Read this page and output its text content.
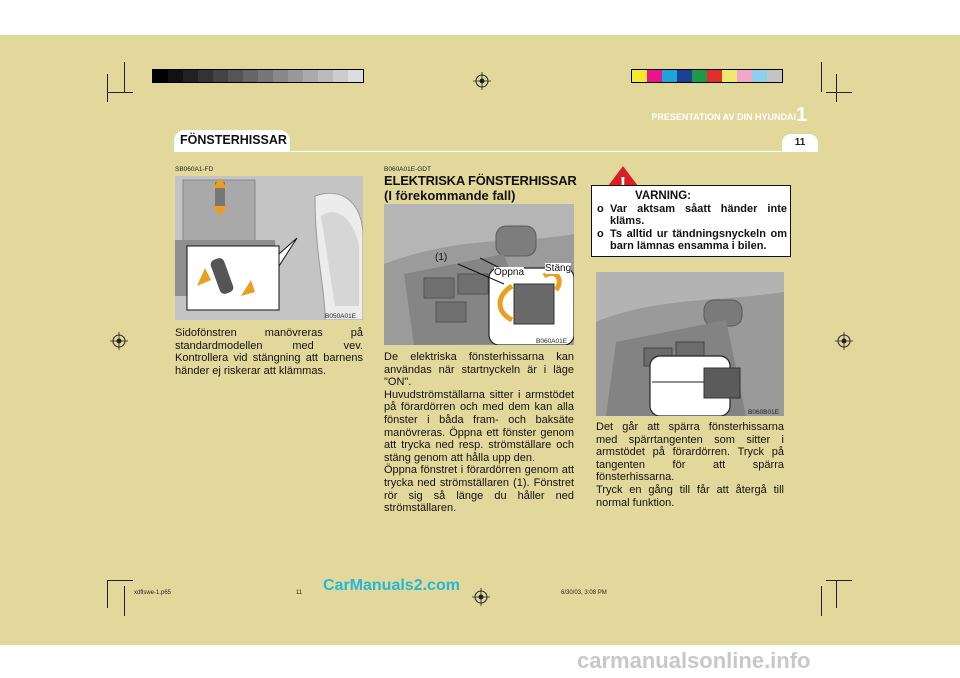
PRESENTATION AV DIN HYUNDAI 1
11
FÖNSTERHISSAR
SB060A1-FD
B050A01E
Sidofönstren manövreras på standardmodellen med vev. Kontrollera vid stängning att barnens händer ej riskerar att klämmas.
B060A01E-GDT
ELEKTRISKA FÖNSTERHISSAR
(I förekommande fall)
(1)
Öppna Stäng
B060A01E
De elektriska fönsterhissarna kan användas när startnyckeln är i läge "ON".
Huvudströmställarna sitter i armstödet på förardörren och med dem kan alla fönster i båda fram- och baksäte manövreras. Öppna ett fönster genom att trycka ned resp. strömställare och stäng genom att hålla upp den.
Öppna fönstret i förardörren genom att trycka ned strömställaren (1). Fönstret rör sig så länge du håller ned strömställaren.
VARNING:
o Var aktsam såatt händer inte kläms.
o Ts alltid ur tändningsnyckeln om barn lämnas ensamma i bilen.
B060B01E
Det går att spärra fönsterhissarna med spärrtangenten som sitter i armstödet på förardörren. Tryck på tangenten för att spärra fönsterhissarna.
Tryck en gång till får att återgå till normal funktion.
xdflswe-1.p65	11	6/30/03, 3:08 PM
CarManuals2.com
carmanualsonline.info
